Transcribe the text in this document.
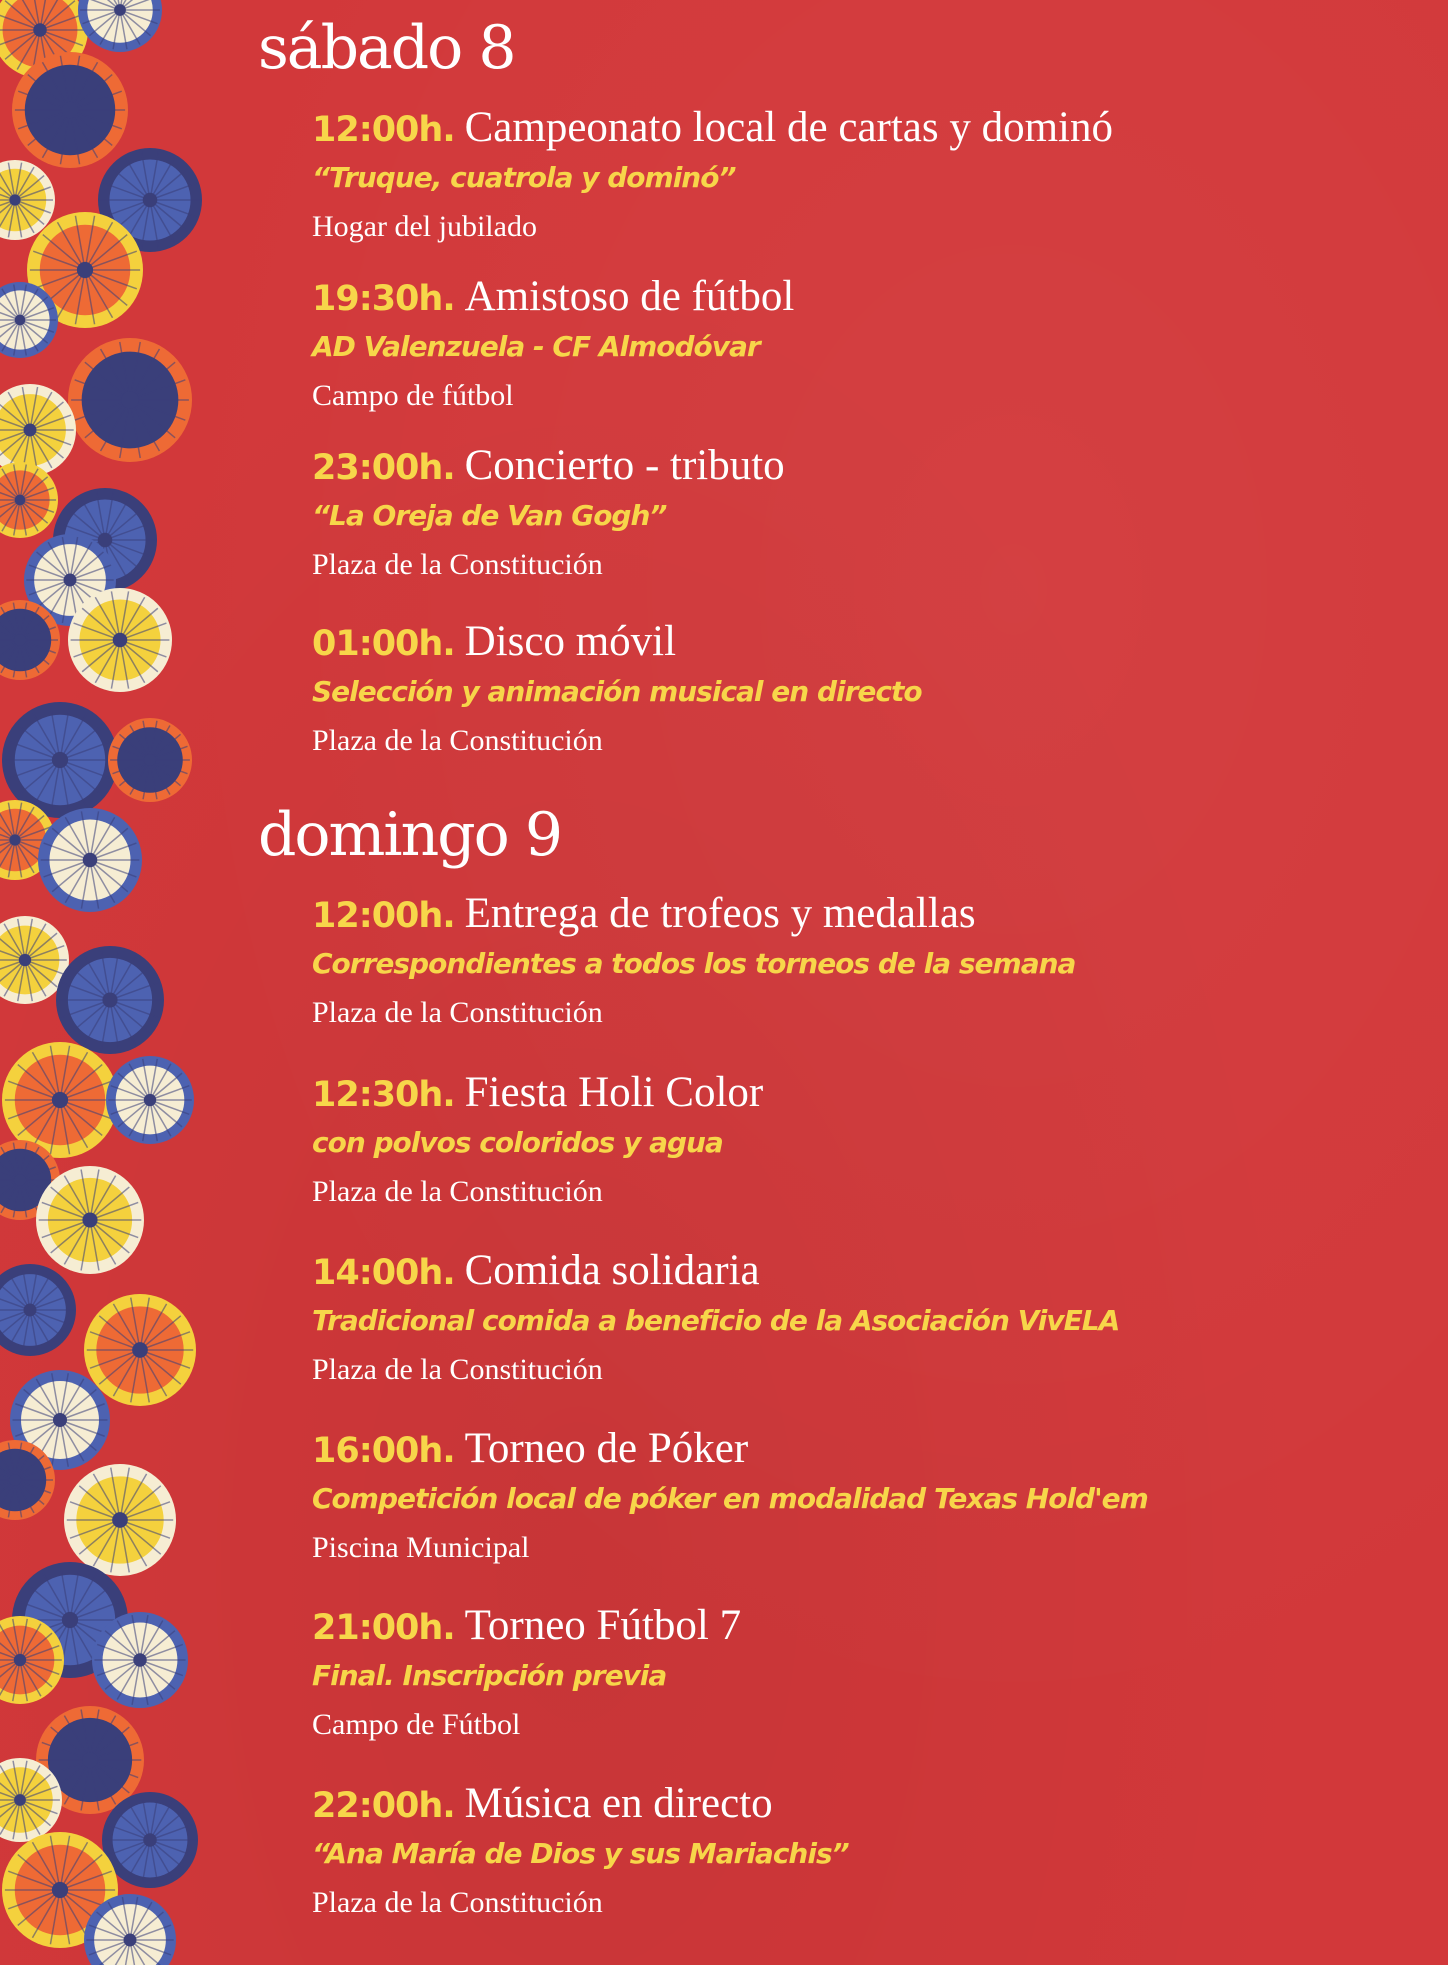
sábado 8
12:00h. Campeonato local de cartas y dominó
“Truque, cuatrola y dominó”
Hogar del jubilado
19:30h. Amistoso de fútbol
AD Valenzuela - CF Almodóvar
Campo de fútbol
23:00h. Concierto - tributo
“La Oreja de Van Gogh”
Plaza de la Constitución
01:00h. Disco móvil
Selección y animación musical en directo
Plaza de la Constitución
domingo 9
12:00h. Entrega de trofeos y medallas
Correspondientes a todos los torneos de la semana
Plaza de la Constitución
12:30h. Fiesta Holi Color
con polvos coloridos y agua
Plaza de la Constitución
14:00h. Comida solidaria
Tradicional comida a beneficio de la Asociación VivELA
Plaza de la Constitución
16:00h. Torneo de Póker
Competición local de póker en modalidad Texas Hold'em
Piscina Municipal
21:00h. Torneo Fútbol 7
Final. Inscripción previa
Campo de Fútbol
22:00h. Música en directo
“Ana María de Dios y sus Mariachis”
Plaza de la Constitución
